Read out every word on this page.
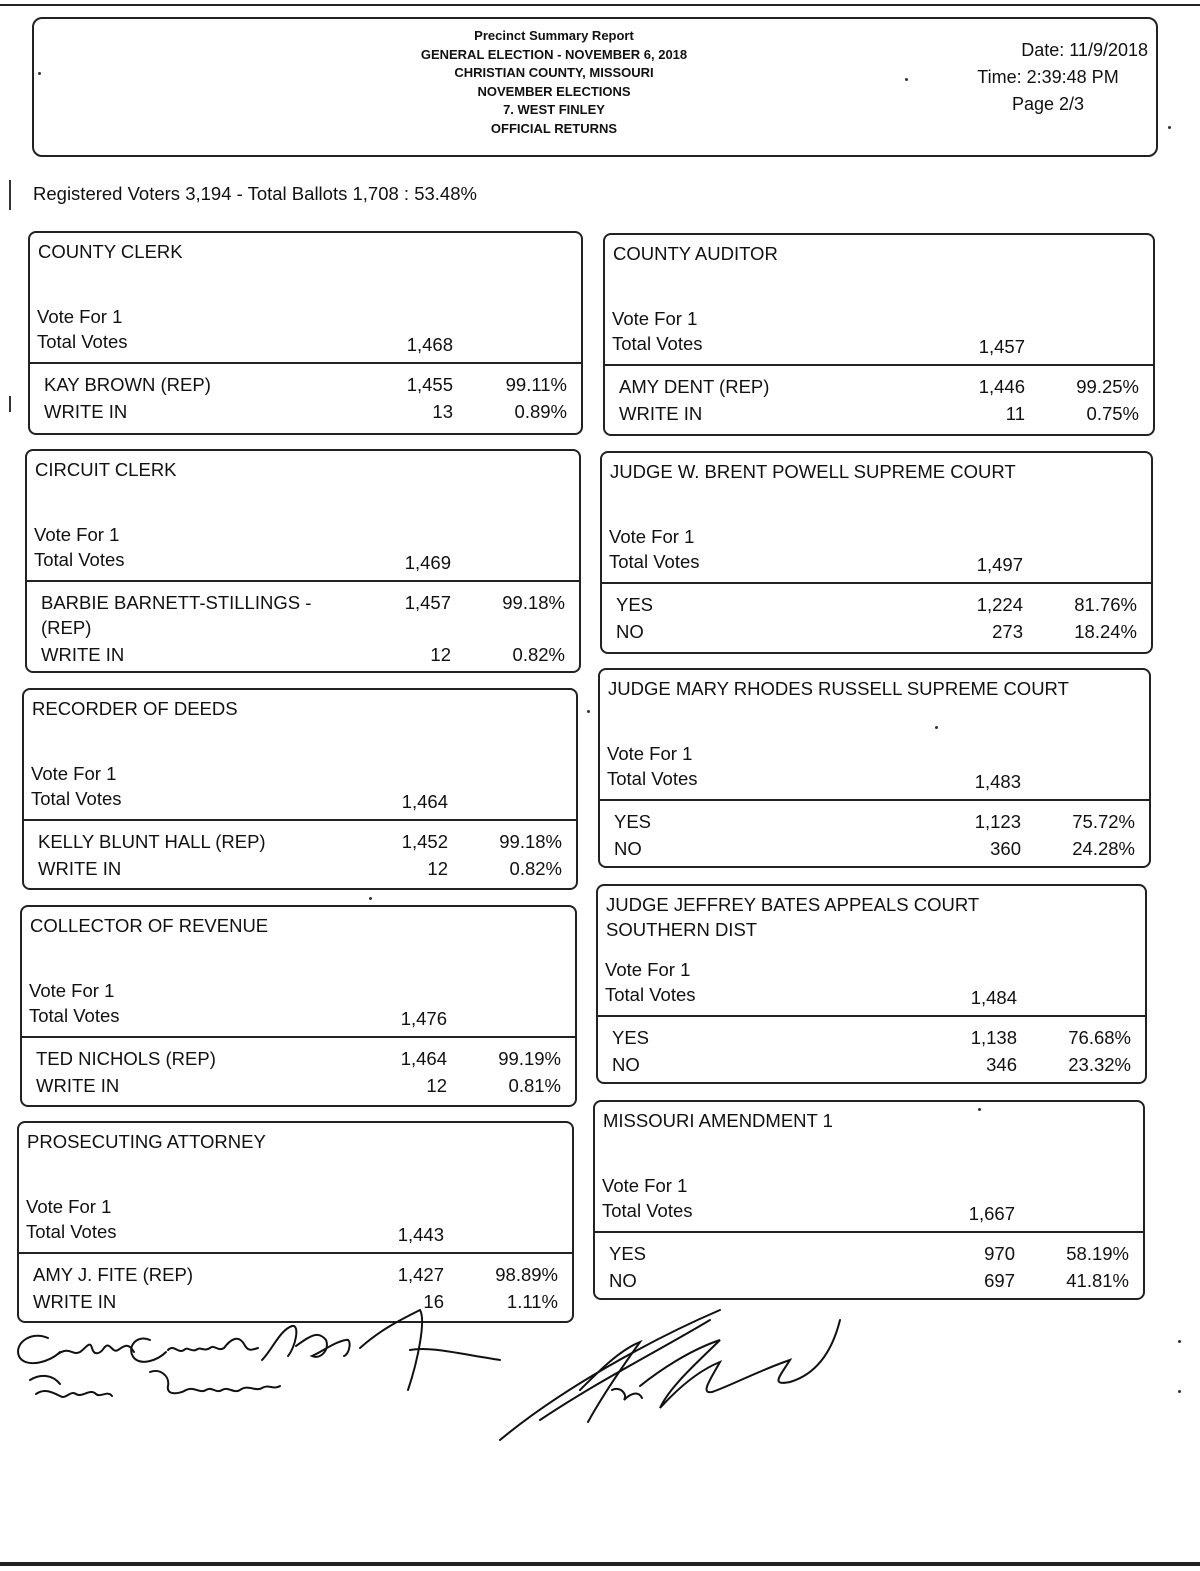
Precinct Summary Report
GENERAL ELECTION - NOVEMBER 6, 2018
CHRISTIAN COUNTY, MISSOURI
NOVEMBER ELECTIONS
7. WEST FINLEY
OFFICIAL RETURNS
Date: 11/9/2018
Time: 2:39:48 PM
Page 2/3
Registered Voters 3,194 - Total Ballots 1,708 : 53.48%
COUNTY CLERK
Vote For 1
Total Votes	1,468
KAY BROWN (REP)	1,455	99.11%
WRITE IN	13	0.89%
CIRCUIT CLERK
Vote For 1
Total Votes	1,469
BARBIE BARNETT-STILLINGS -
(REP)
1,457	99.18%
WRITE IN	12	0.82%
RECORDER OF DEEDS
Vote For 1
Total Votes	1,464
KELLY BLUNT HALL (REP)	1,452	99.18%
WRITE IN	12	0.82%
COLLECTOR OF REVENUE
Vote For 1
Total Votes	1,476
TED NICHOLS (REP)	1,464	99.19%
WRITE IN	12	0.81%
PROSECUTING ATTORNEY
Vote For 1
Total Votes	1,443
AMY J. FITE (REP)	1,427	98.89%
WRITE IN	16	1.11%
COUNTY AUDITOR
Vote For 1
Total Votes	1,457
AMY DENT (REP)	1,446	99.25%
WRITE IN	11	0.75%
JUDGE W. BRENT POWELL SUPREME COURT
Vote For 1
Total Votes	1,497
YES	1,224	81.76%
NO	273	18.24%
JUDGE MARY RHODES RUSSELL SUPREME COURT
Vote For 1
Total Votes	1,483
YES	1,123	75.72%
NO	360	24.28%
JUDGE JEFFREY BATES APPEALS COURT
SOUTHERN DIST
Vote For 1
Total Votes	1,484
YES	1,138	76.68%
NO	346	23.32%
MISSOURI AMENDMENT 1
Vote For 1
Total Votes	1,667
YES	970	58.19%
NO	697	41.81%
